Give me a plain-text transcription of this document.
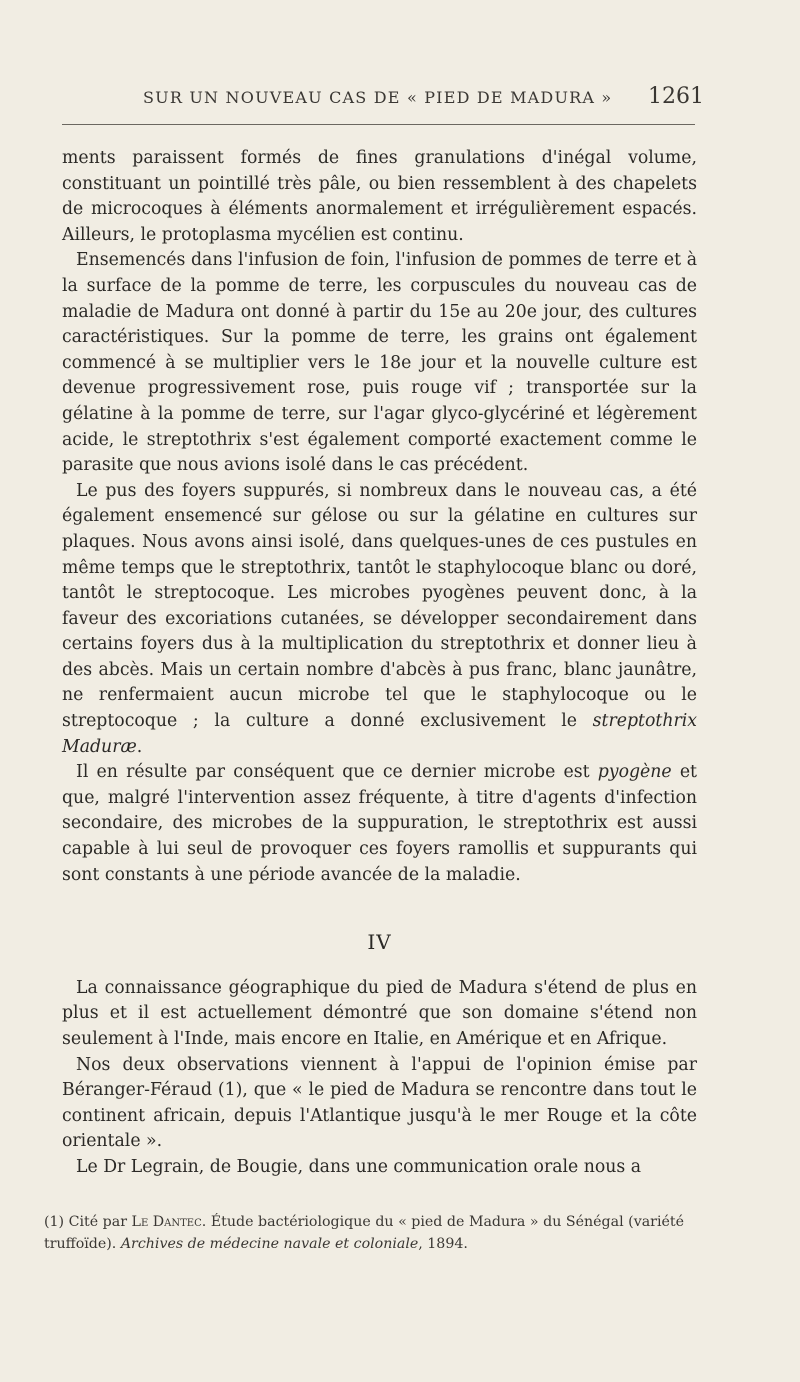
SUR UN NOUVEAU CAS DE « PIED DE MADURA »	1261

ments paraissent formés de fines granulations d'inégal volume, constituant un pointillé très pâle, ou bien ressemblent à des chapelets de microcoques à éléments anormalement et irrégulièrement espacés. Ailleurs, le protoplasma mycélien est continu.

Ensemencés dans l'infusion de foin, l'infusion de pommes de terre et à la surface de la pomme de terre, les corpuscules du nouveau cas de maladie de Madura ont donné à partir du 15e au 20e jour, des cultures caractéristiques. Sur la pomme de terre, les grains ont également commencé à se multiplier vers le 18e jour et la nouvelle culture est devenue progressivement rose, puis rouge vif ; transportée sur la gélatine à la pomme de terre, sur l'agar glyco-glycériné et légèrement acide, le streptothrix s'est également comporté exactement comme le parasite que nous avions isolé dans le cas précédent.

Le pus des foyers suppurés, si nombreux dans le nouveau cas, a été également ensemencé sur gélose ou sur la gélatine en cultures sur plaques. Nous avons ainsi isolé, dans quelques-unes de ces pustules en même temps que le streptothrix, tantôt le staphylocoque blanc ou doré, tantôt le streptocoque. Les microbes pyogènes peuvent donc, à la faveur des excoriations cutanées, se développer secondairement dans certains foyers dus à la multiplication du streptothrix et donner lieu à des abcès. Mais un certain nombre d'abcès à pus franc, blanc jaunâtre, ne renfermaient aucun microbe tel que le staphylocoque ou le streptocoque ; la culture a donné exclusivement le streptothrix Maduræ.

Il en résulte par conséquent que ce dernier microbe est pyogène et que, malgré l'intervention assez fréquente, à titre d'agents d'infection secondaire, des microbes de la suppuration, le streptothrix est aussi capable à lui seul de provoquer ces foyers ramollis et suppurants qui sont constants à une période avancée de la maladie.

IV

La connaissance géographique du pied de Madura s'étend de plus en plus et il est actuellement démontré que son domaine s'étend non seulement à l'Inde, mais encore en Italie, en Amérique et en Afrique.

Nos deux observations viennent à l'appui de l'opinion émise par Béranger-Féraud (1), que « le pied de Madura se rencontre dans tout le continent africain, depuis l'Atlantique jusqu'à le mer Rouge et la côte orientale ».

Le Dr Legrain, de Bougie, dans une communication orale nous a

(1) Cité par Le Dantec. Étude bactériologique du « pied de Madura » du Sénégal (variété truffoïde). Archives de médecine navale et coloniale, 1894.
